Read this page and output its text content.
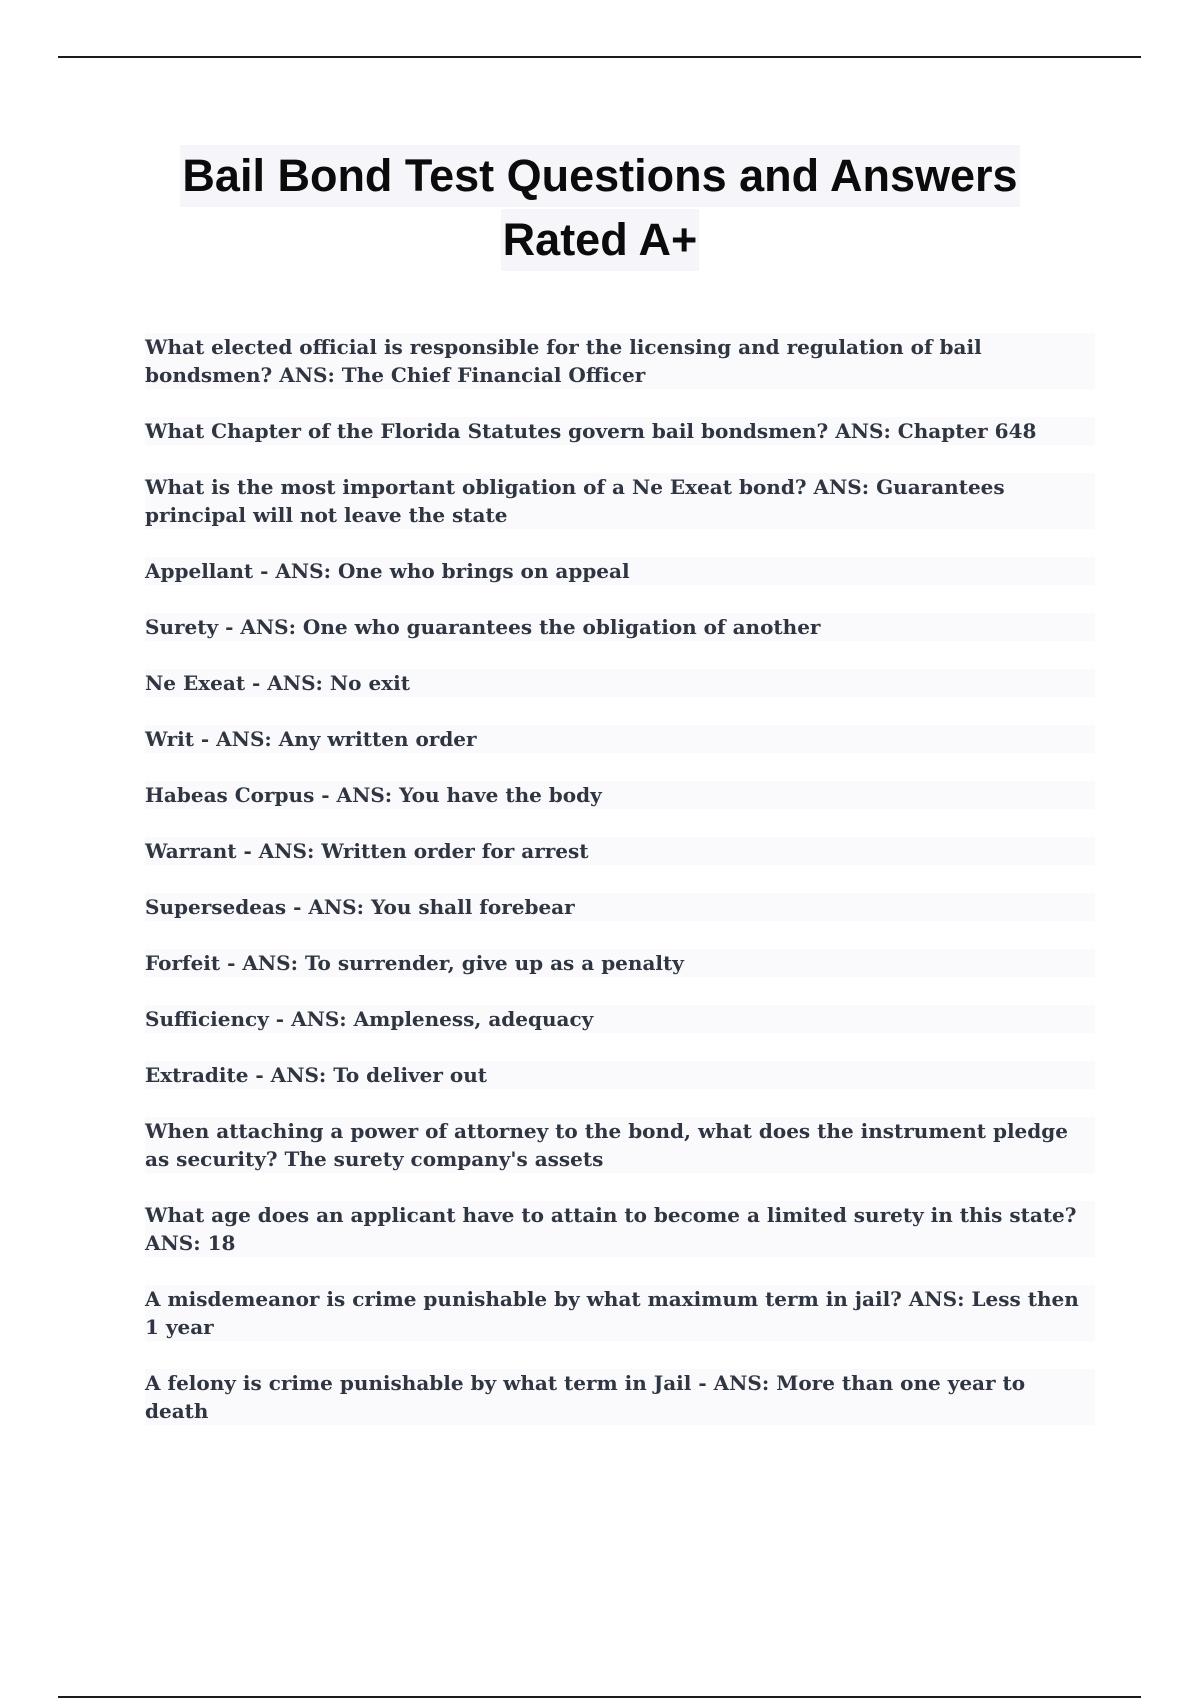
Bail Bond Test Questions and Answers
Rated A+

What elected official is responsible for the licensing and regulation of bail bondsmen? ANS: The Chief Financial Officer

What Chapter of the Florida Statutes govern bail bondsmen? ANS: Chapter 648

What is the most important obligation of a Ne Exeat bond? ANS: Guarantees principal will not leave the state

Appellant - ANS: One who brings on appeal

Surety - ANS: One who guarantees the obligation of another

Ne Exeat - ANS: No exit

Writ - ANS: Any written order

Habeas Corpus - ANS: You have the body

Warrant - ANS: Written order for arrest

Supersedeas - ANS: You shall forebear

Forfeit - ANS: To surrender, give up as a penalty

Sufficiency - ANS: Ampleness, adequacy

Extradite - ANS: To deliver out

When attaching a power of attorney to the bond, what does the instrument pledge as security? The surety company's assets

What age does an applicant have to attain to become a limited surety in this state? ANS: 18

A misdemeanor is crime punishable by what maximum term in jail? ANS: Less then 1 year

A felony is crime punishable by what term in Jail - ANS: More than one year to death
